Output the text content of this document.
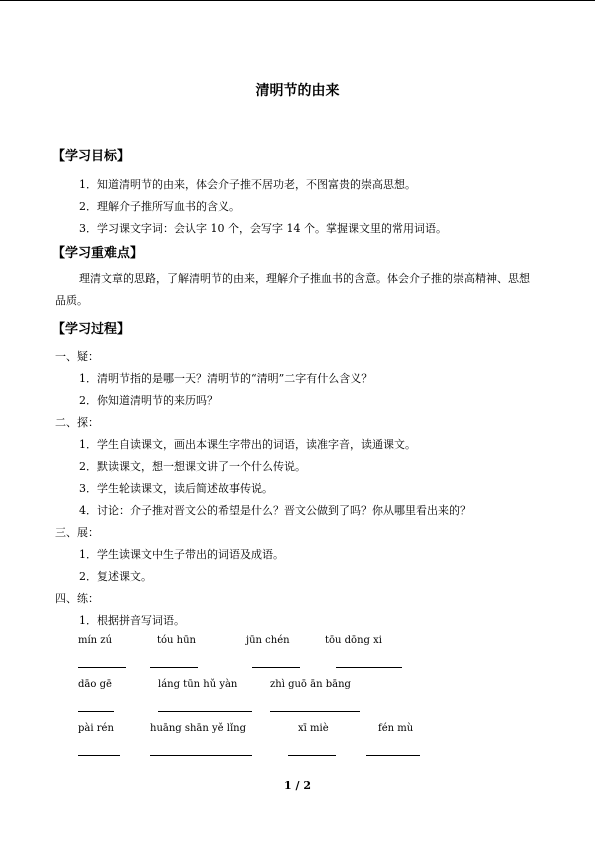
清明节的由来
【学习目标】
1．知道清明节的由来，体会介子推不居功老，不图富贵的崇高思想。
2．理解介子推所写血书的含义。
3．学习课文字词：会认字 10 个，会写字 14 个。掌握课文里的常用词语。
【学习重难点】
理清文章的思路，了解清明节的由来，理解介子推血书的含意。体会介子推的崇高精神、思想品质。
【学习过程】
一、疑：
1．清明节指的是哪一天？清明节的“清明”二字有什么含义？
2．你知道清明节的来历吗？
二、探：
1．学生自读课文，画出本课生字带出的词语，读准字音，读通课文。
2．默读课文，想一想课文讲了一个什么传说。
3．学生轮读课文，读后简述故事传说。
4．讨论：介子推对晋文公的希望是什么？晋文公做到了吗？你从哪里看出来的？
三、展：
1．学生读课文中生子带出的词语及成语。
2．复述课文。
四、练：
1．根据拼音写词语。
mín zú	tóu hūn	jūn chén	tōu dōng xi
dāo gē	láng tūn hǔ yàn	zhì guō ān bāng
pài rén	huāng shān yě lǐng	xī miè	fén mù
1 / 2
